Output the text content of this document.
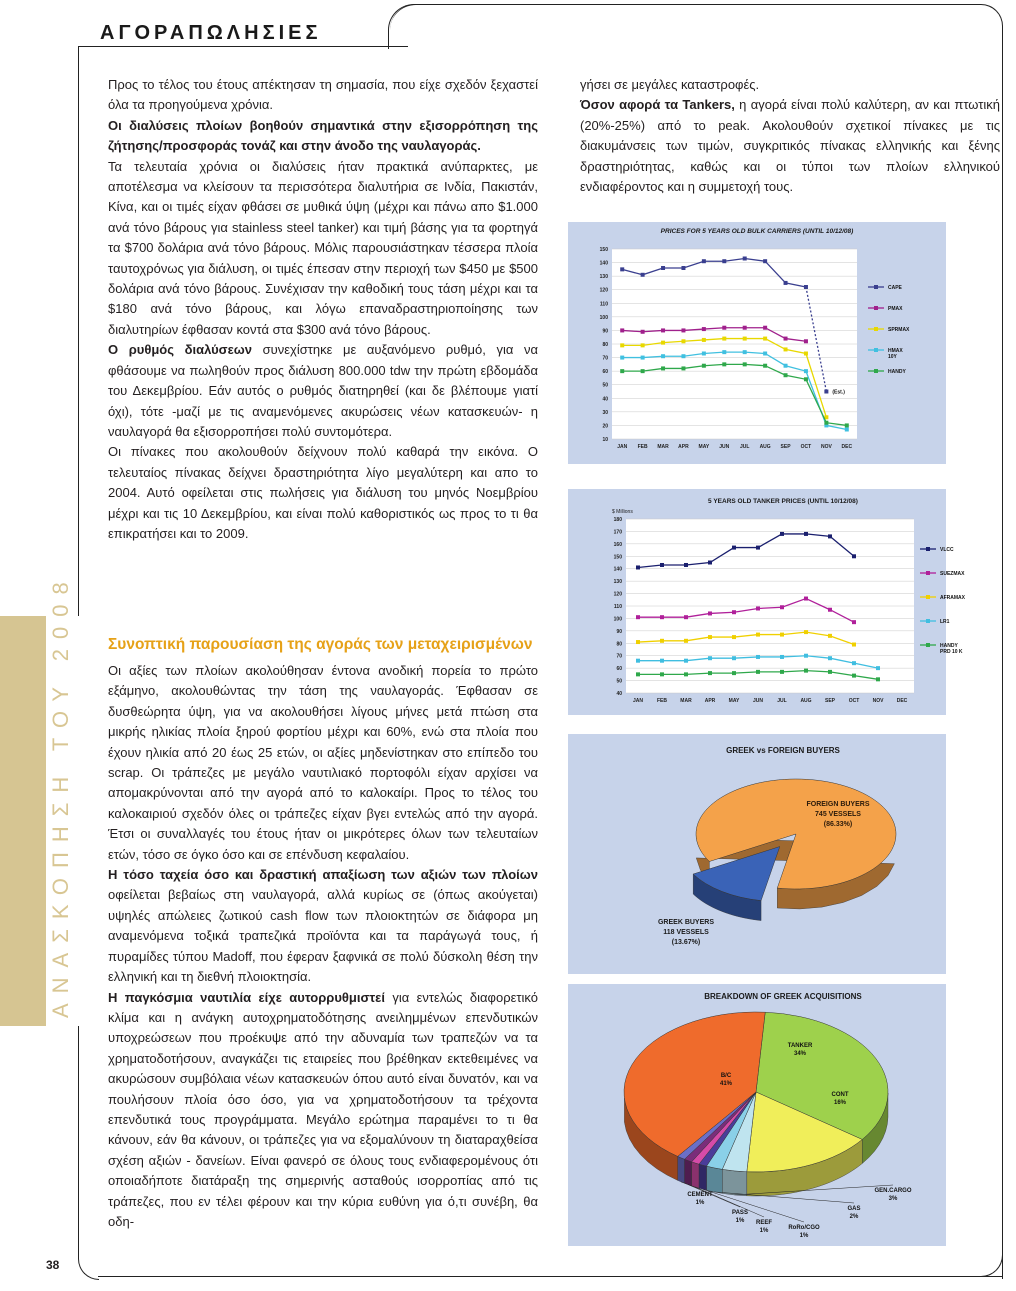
ΑΓΟΡΑΠΩΛΗΣΙΕΣ
ΑΝΑΣΚΟΠΗΣΗ ΤΟΥ 2008
38

Προς το τέλος του έτους απέκτησαν τη σημασία, που είχε σχεδόν ξεχαστεί όλα τα προηγούμενα χρόνια.

Οι διαλύσεις πλοίων βοηθούν σημαντικά στην εξισορρόπηση της ζήτησης/προσφοράς τονάζ και στην άνοδο της ναυλαγοράς.

Τα τελευταία χρόνια οι διαλύσεις ήταν πρακτικά ανύπαρκτες, με αποτέλεσμα να κλείσουν τα περισσότερα διαλυτήρια σε Ινδία, Πακιστάν, Κίνα, και οι τιμές είχαν φθάσει σε μυθικά ύψη (μέχρι και πάνω απο $1.000 ανά τόνο βάρους για stainless steel tanker) και τιμή βάσης για τα φορτηγά τα $700 δολάρια ανά τόνο βάρους. Μόλις παρουσιάστηκαν τέσσερα πλοία ταυτοχρόνως για διάλυση, οι τιμές έπεσαν στην περιοχή των $450 με $500 δολάρια ανά τόνο βάρους. Συνέχισαν την καθοδική τους τάση μέχρι και τα $180 ανά τόνο βάρους, και λόγω επαναδραστηριοποίησης των διαλυτηρίων έφθασαν κοντά στα $300 ανά τόνο βάρους.

Ο ρυθμός διαλύσεων συνεχίστηκε με αυξανόμενο ρυθμό, για να φθάσουμε να πωληθούν προς διάλυση 800.000 tdw την πρώτη εβδομάδα του Δεκεμβρίου. Εάν αυτός ο ρυθμός διατηρηθεί (και δε βλέπουμε γιατί όχι), τότε -μαζί με τις αναμενόμενες ακυρώσεις νέων κατασκευών- η ναυλαγορά θα εξισορροπήσει πολύ συντομότερα.

Οι πίνακες που ακολουθούν δείχνουν πολύ καθαρά την εικόνα. Ο τελευταίος πίνακας δείχνει δραστηριότητα λίγο μεγαλύτερη και απο το 2004. Αυτό οφείλεται στις πωλήσεις για διάλυση του μηνός Νοεμβρίου μέχρι και τις 10 Δεκεμβρίου, και είναι πολύ καθοριστικός ως προς το τι θα επικρατήσει και το 2009.

γήσει σε μεγάλες καταστροφές.

Όσον αφορά τα Tankers, η αγορά είναι πολύ καλύτερη, αν και πτωτική (20%-25%) από το peak. Ακολουθούν σχετικοί πίνακες με τις διακυμάνσεις των τιμών, συγκριτικός πίνακας ελληνικής και ξένης δραστηριότητας, καθώς και οι τύποι των πλοίων ελληνικού ενδιαφέροντος και η συμμετοχή τους.

Συνοπτική παρουσίαση της αγοράς των μεταχειρισμένων

Οι αξίες των πλοίων ακολούθησαν έντονα ανοδική πορεία το πρώτο εξάμηνο, ακολουθώντας την τάση της ναυλαγοράς. Έφθασαν σε δυσθεώρητα ύψη, για να ακολουθήσει λίγους μήνες μετά πτώση στα μικρής ηλικίας πλοία ξηρού φορτίου μέχρι και 60%, ενώ στα πλοία που έχουν ηλικία από 20 έως 25 ετών, οι αξίες μηδενίστηκαν στο επίπεδο του scrap. Οι τράπεζες με μεγάλο ναυτιλιακό πορτοφόλι είχαν αρχίσει να απομακρύνονται από την αγορά από το καλοκαίρι. Προς το τέλος του καλοκαιριού σχεδόν όλες οι τράπεζες είχαν βγει εντελώς από την αγορά. Έτσι οι συναλλαγές του έτους ήταν οι μικρότερες όλων των τελευταίων ετών, τόσο σε όγκο όσο και σε επένδυση κεφαλαίου.

Η τόσο ταχεία όσο και δραστική απαξίωση των αξιών των πλοίων οφείλεται βεβαίως στη ναυλαγορά, αλλά κυρίως σε (όπως ακούγεται) υψηλές απώλειες ζωτικού cash flow των πλοιοκτητών σε διάφορα μη αναμενόμενα τοξικά τραπεζικά προϊόντα και τα παράγωγά τους, ή πυραμίδες τύπου Madoff, που έφεραν ξαφνικά σε πολύ δύσκολη θέση την ελληνική και τη διεθνή πλοιοκτησία.

Η παγκόσμια ναυτιλία είχε αυτορρυθμιστεί για εντελώς διαφορετικό κλίμα και η ανάγκη αυτοχρηματοδότησης ανειλημμένων επενδυτικών υποχρεώσεων που προέκυψε από την αδυναμία των τραπεζών να τα χρηματοδοτήσουν, αναγκάζει τις εταιρείες που βρέθηκαν εκτεθειμένες να ακυρώσουν συμβόλαια νέων κατασκευών όπου αυτό είναι δυνατόν, και να πουλήσουν πλοία όσο όσο, για να χρηματοδοτήσουν τα τρέχοντα επενδυτικά τους προγράμματα. Μεγάλο ερώτημα παραμένει το τι θα κάνουν, εάν θα κάνουν, οι τράπεζες για να εξομαλύνουν τη διαταραχθείσα σχέση αξιών - δανείων. Είναι φανερό σε όλους τους ενδιαφερομένους ότι οποιαδήποτε διατάραξη της σημερινής ασταθούς ισορροπίας από τις τράπεζες, που εν τέλει φέρουν και την κύρια ευθύνη για ό,τι συνέβη, θα οδη-

PRICES FOR 5 YEARS OLD BULK CARRIERS (UNTIL 10/12/08)
10
20
30
40
50
60
70
80
90
100
110
120
130
140
150
JAN FEB MAR APR MAY JUN JUL AUG SEP OCT NOV DEC
(Est.)
CAPE
PMAX
SPRMAX
HMAX
10Y
HANDY
5 YEARS OLD TANKER PRICES (UNTIL 10/12/08)
$ Millions
40
50
60
70
80
90
100
110
120
130
140
150
160
170
180
JAN	FEB	MAR	APR	MAY	JUN	JUL	AUG	SEP	OCT	NOV	DEC
VLCC
SUEZMAX
AFRAMAX
LR1
HANDY
PRD 10 K
GREEK vs FOREIGN BUYERS
FOREIGN BUYERS
745 VESSELS
(86.33%)
GREEK BUYERS
118 VESSELS
(13.67%)
BREAKDOWN OF GREEK ACQUISITIONS
TANKER
34%
CONT
16%
GEN.CARGO
3%
GAS
2%
RoRo/CGO
1%
REEF
1%
PASS
1%
CEMENT
1%
B/C
41%
